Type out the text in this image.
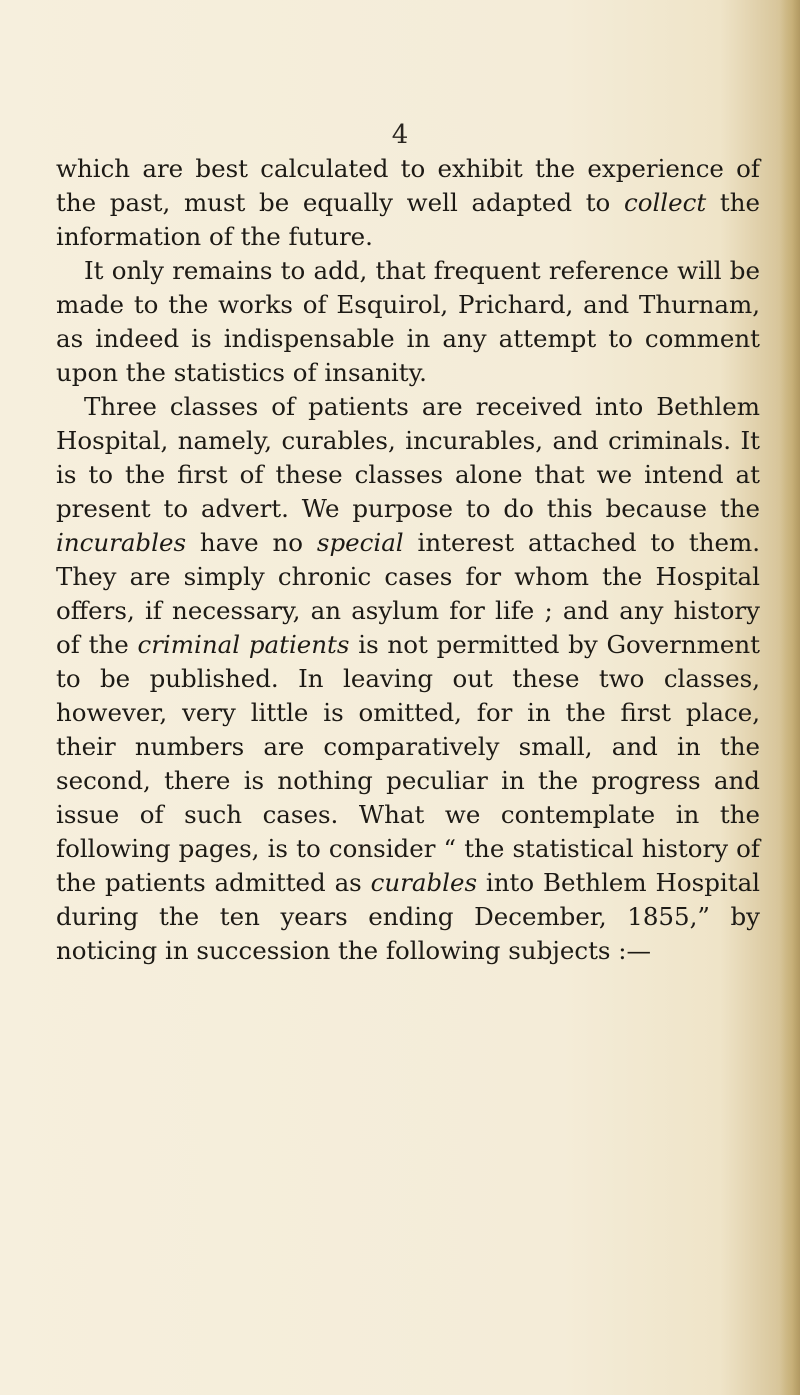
4

which are best calculated to exhibit the experience of the past, must be equally well adapted to collect the information of the future.

It only remains to add, that frequent reference will be made to the works of Esquirol, Prichard, and Thurnam, as indeed is indispensable in any attempt to comment upon the statistics of insanity.

Three classes of patients are received into Bethlem Hospital, namely, curables, incurables, and criminals. It is to the first of these classes alone that we intend at present to advert. We purpose to do this because the incurables have no special interest attached to them. They are simply chronic cases for whom the Hospital offers, if necessary, an asylum for life ; and any history of the criminal patients is not permitted by Government to be published. In leaving out these two classes, however, very little is omitted, for in the first place, their numbers are comparatively small, and in the second, there is nothing peculiar in the progress and issue of such cases. What we contemplate in the following pages, is to consider “ the statistical history of the patients admitted as curables into Bethlem Hospital during the ten years ending December, 1855,” by noticing in succession the following subjects :—
